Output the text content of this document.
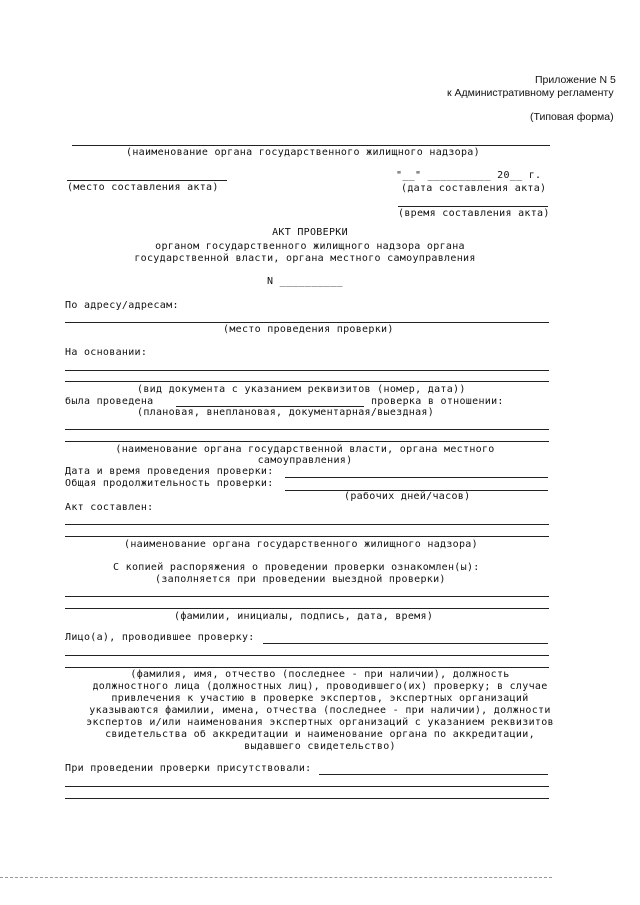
Приложение N 5
к Административному регламенту
(Типовая форма)
(наименование органа государственного жилищного надзора)
(место составления акта)
"__" __________ 20__ г.
(дата составления акта)
(время составления акта)
АКТ ПРОВЕРКИ
органом государственного жилищного надзора органа
государственной власти, органа местного самоуправления
N __________
По адресу/адресам:
(место проведения проверки)
На основании:
(вид документа с указанием реквизитов (номер, дата))
была проведена	проверка в отношении:
(плановая, внеплановая, документарная/выездная)
(наименование органа государственной власти, органа местного
самоуправления)
Дата и время проведения проверки:
Общая продолжительность проверки:
(рабочих дней/часов)
Акт составлен:
(наименование органа государственного жилищного надзора)
С копией распоряжения о проведении проверки ознакомлен(ы):
(заполняется при проведении выездной проверки)
(фамилии, инициалы, подпись, дата, время)
Лицо(а), проводившее проверку:
(фамилия, имя, отчество (последнее - при наличии), должность
должностного лица (должностных лиц), проводившего(их) проверку; в случае
привлечения к участию в проверке экспертов, экспертных организаций
указываются фамилии, имена, отчества (последнее - при наличии), должности
экспертов и/или наименования экспертных организаций с указанием реквизитов
свидетельства об аккредитации и наименование органа по аккредитации,
выдавшего свидетельство)
При проведении проверки присутствовали:
